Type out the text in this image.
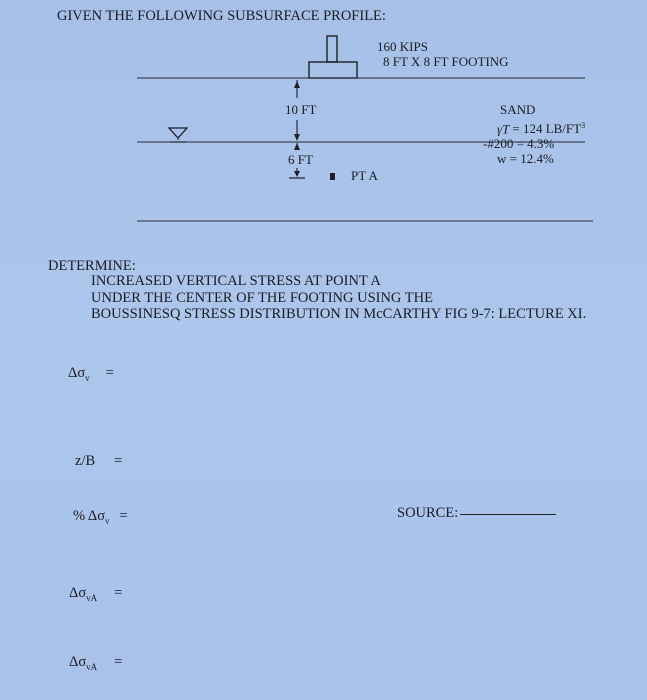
GIVEN THE FOLLOWING SUBSURFACE PROFILE:
160 KIPS
8 FT X 8 FT FOOTING
10 FT
6 FT
PT A
SAND
γT = 124 $LB/FT^3$
-#200 = 4.3%
w = 12.4%
DETERMINE:
INCREASED VERTICAL STRESS AT POINT A
UNDER THE CENTER OF THE FOOTING USING THE
BOUSSINESQ STRESS DISTRIBUTION IN McCARTHY FIG 9-7: LECTURE XI.
$\Delta\sigma_v$ =
z/B =
% $\Delta\sigma_v$ =	SOURCE:
$\Delta\sigma_{vA}$ =
$\Delta\sigma_{vA}$ =
